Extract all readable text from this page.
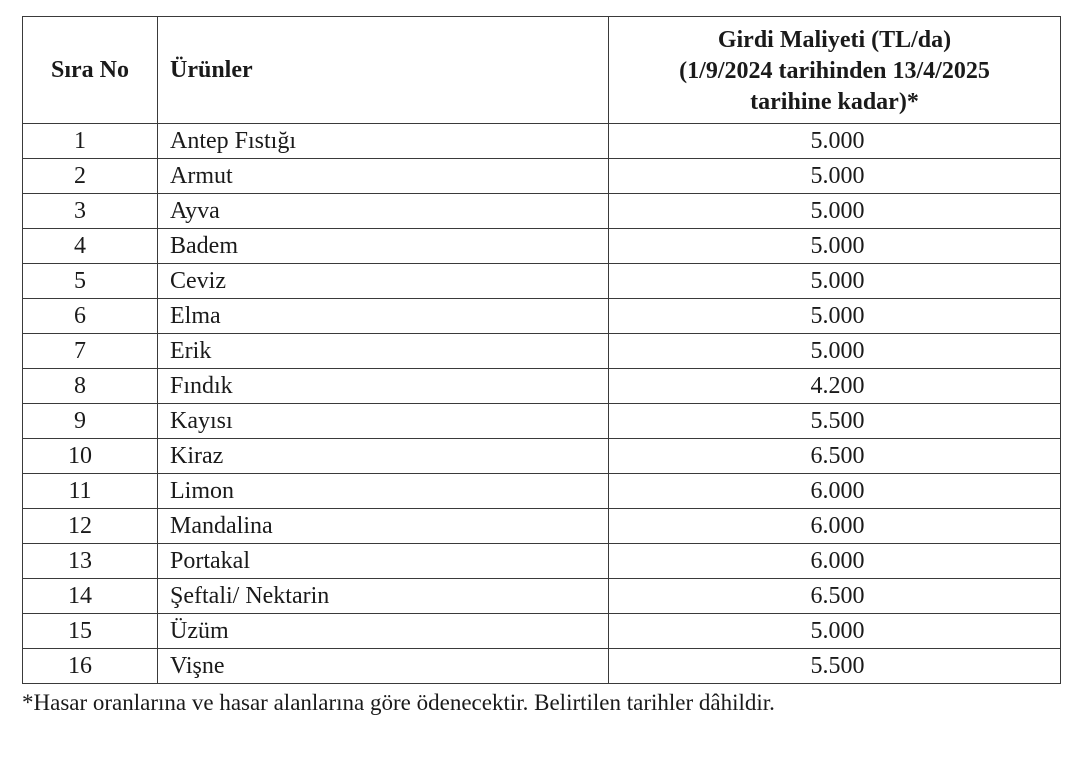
Sıra No	Ürünler	Girdi Maliyeti (TL/da)
(1/9/2024 tarihinden 13/4/2025
tarihine kadar)*

1	Antep Fıstığı	5.000
2	Armut	5.000
3	Ayva	5.000
4	Badem	5.000
5	Ceviz	5.000
6	Elma	5.000
7	Erik	5.000
8	Fındık	4.200
9	Kayısı	5.500
10	Kiraz	6.500
11	Limon	6.000
12	Mandalina	6.000
13	Portakal	6.000
14	Şeftali/ Nektarin	6.500
15	Üzüm	5.000
16	Vişne	5.500
*Hasar oranlarına ve hasar alanlarına göre ödenecektir. Belirtilen tarihler dâhildir.
